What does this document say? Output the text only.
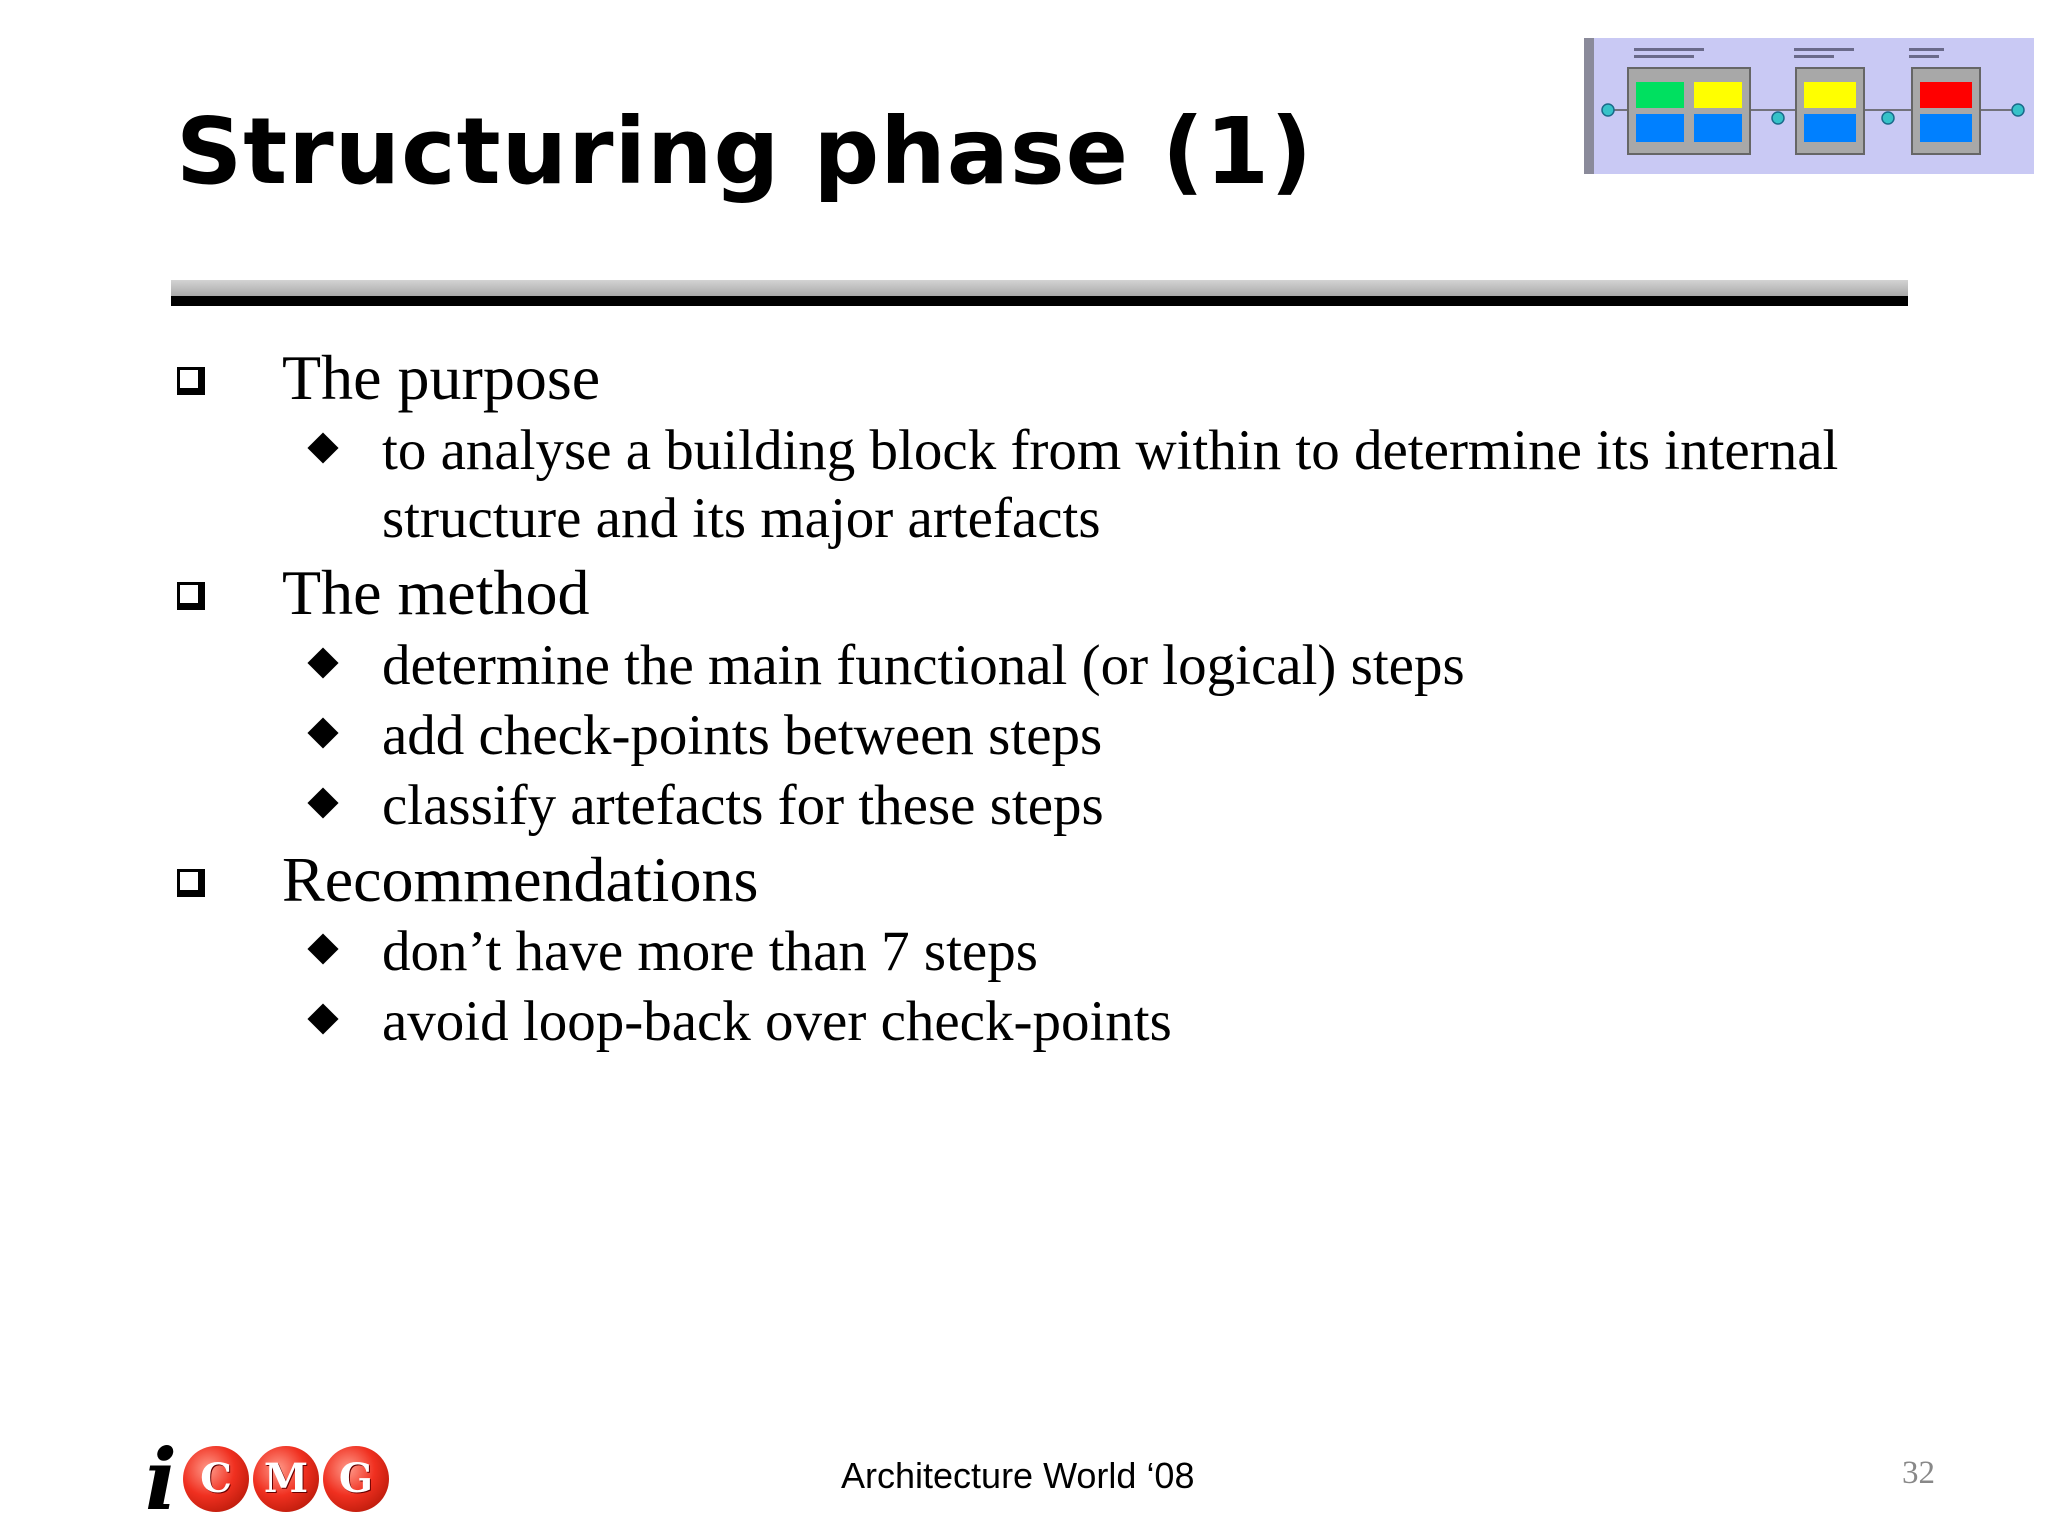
Structuring phase (1)
The purpose
to analyse a building block from within to determine its internal structure and its major artefacts
The method
determine the main functional (or logical) steps
add check-points between steps
classify artefacts for these steps
Recommendations
don’t have more than 7 steps
avoid loop-back over check-points
i C M G	Architecture World ‘08	32
